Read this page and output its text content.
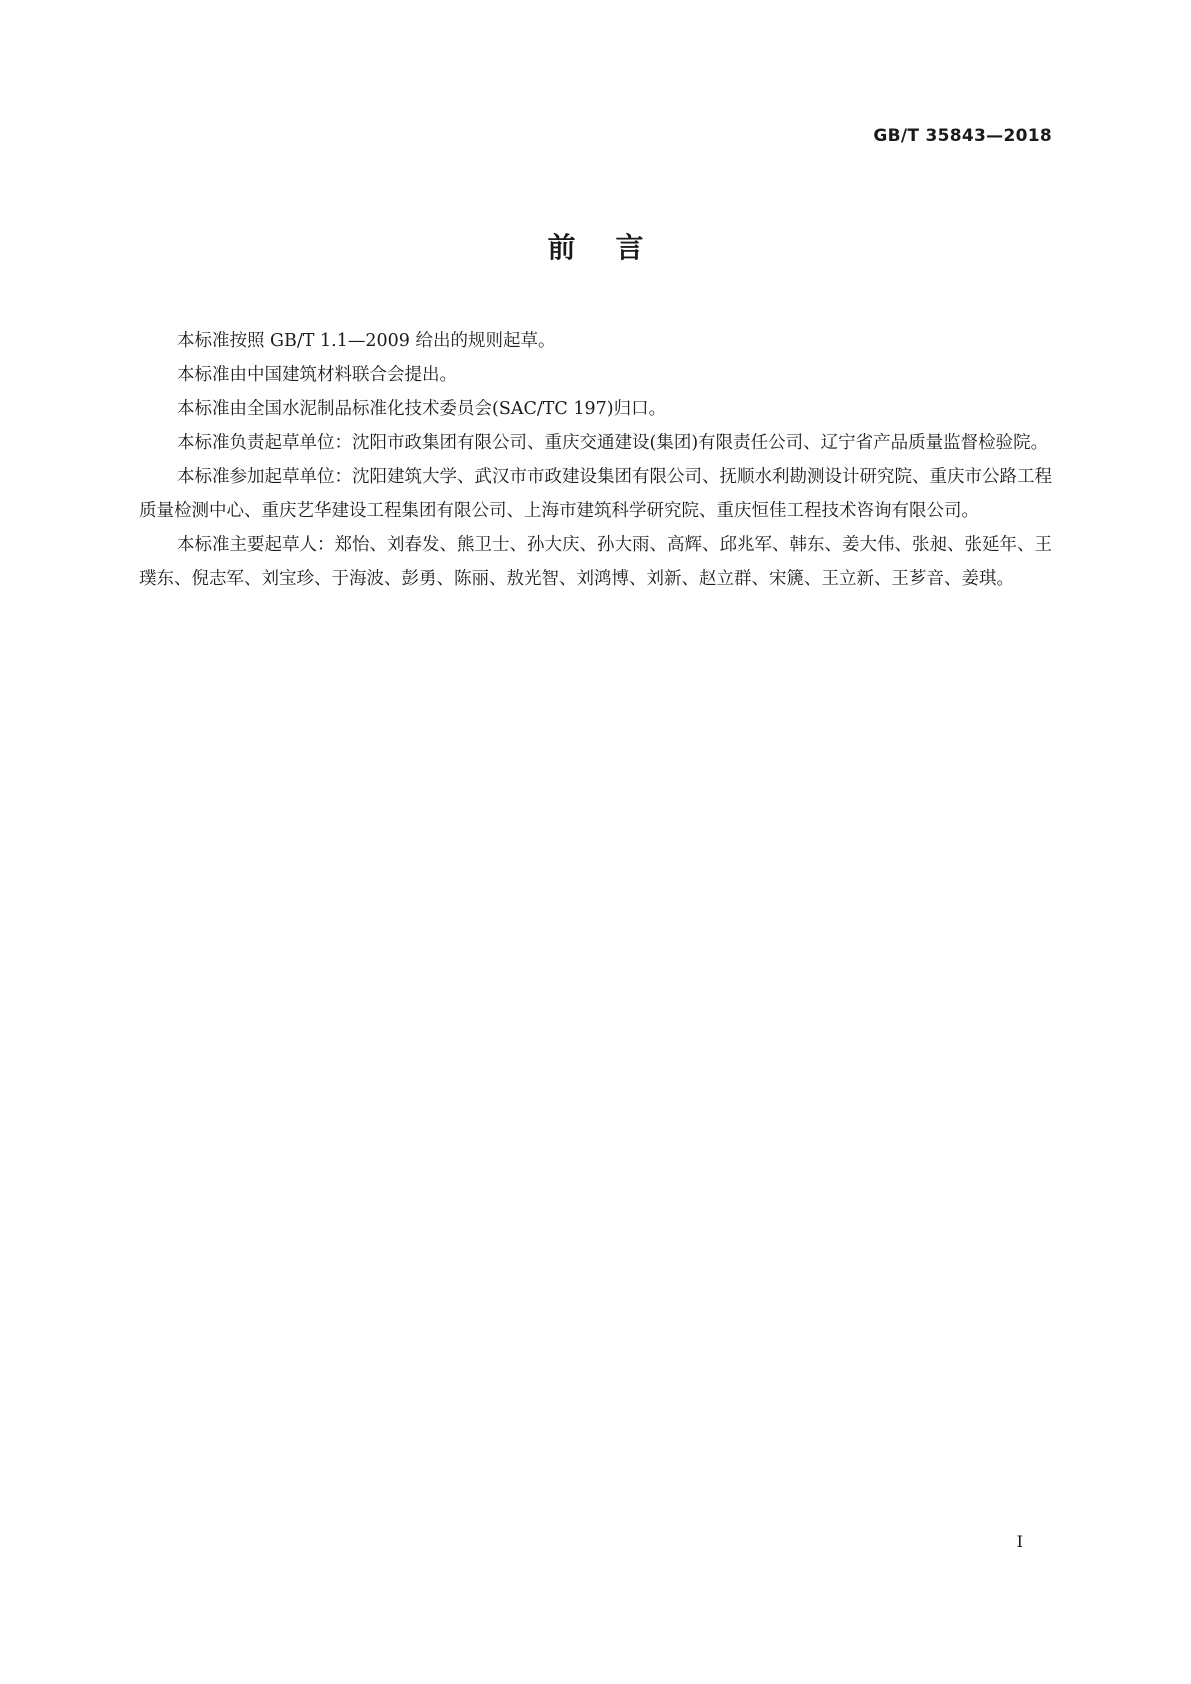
GB/T 35843—2018
前言

本标准按照 GB/T 1.1—2009 给出的规则起草。

本标准由中国建筑材料联合会提出。

本标准由全国水泥制品标准化技术委员会(SAC/TC 197)归口。

本标准负责起草单位：沈阳市政集团有限公司、重庆交通建设(集团)有限责任公司、辽宁省产品质量监督检验院。

本标准参加起草单位：沈阳建筑大学、武汉市市政建设集团有限公司、抚顺水利勘测设计研究院、重庆市公路工程质量检测中心、重庆艺华建设工程集团有限公司、上海市建筑科学研究院、重庆恒佳工程技术咨询有限公司。

本标准主要起草人：郑怡、刘春发、熊卫士、孙大庆、孙大雨、高辉、邱兆军、韩东、姜大伟、张昶、张延年、王璞东、倪志军、刘宝珍、于海波、彭勇、陈丽、敖光智、刘鸿博、刘新、赵立群、宋篪、王立新、王芗音、姜琪。

I
